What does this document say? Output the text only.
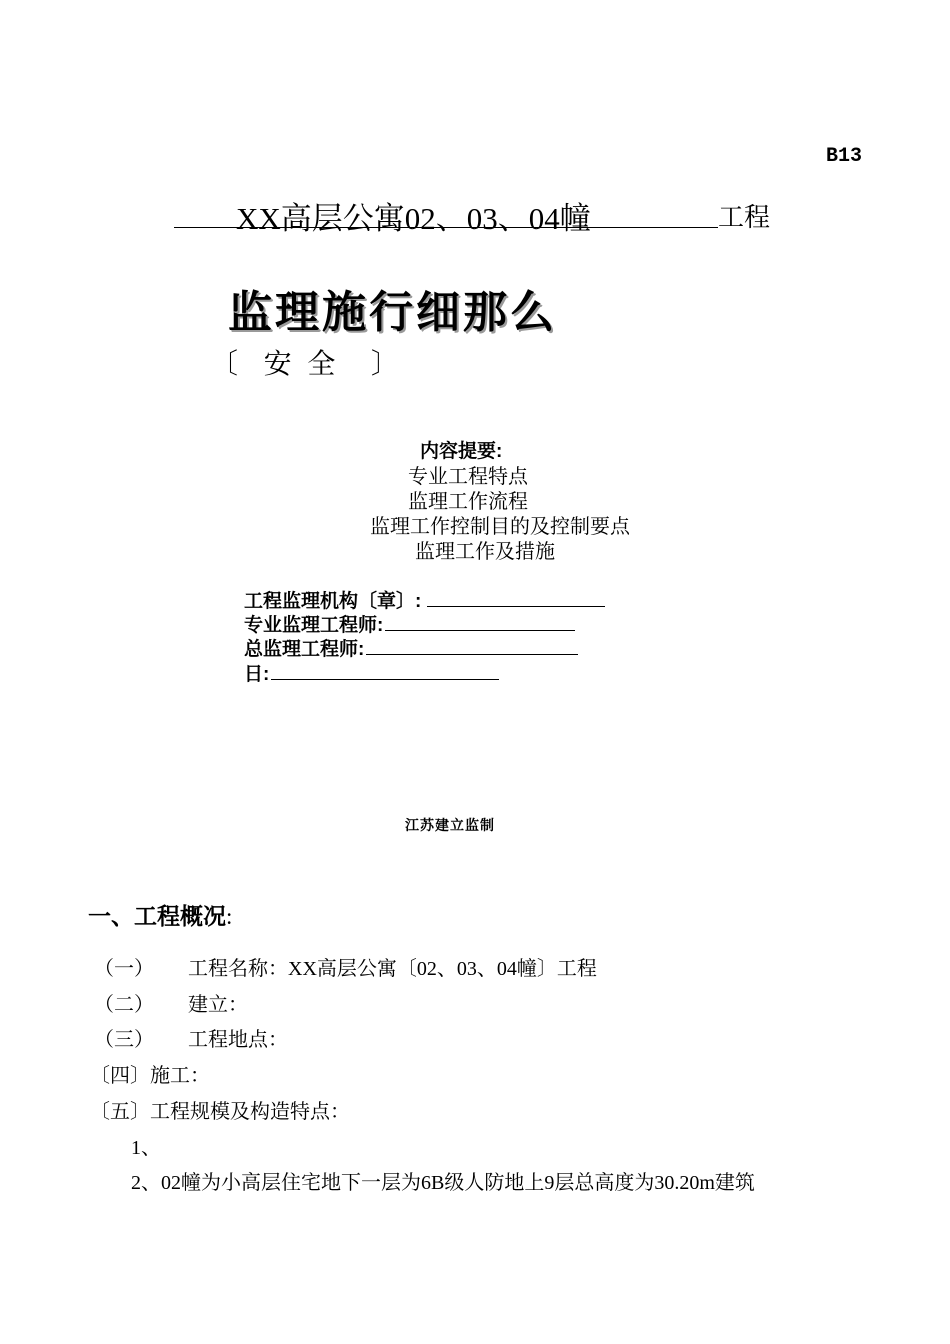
B13
XX高层公寓02、03、04幢	工程
监理施行细那么
〔 安 全 〕
内容提要:
专业工程特点
监理工作流程
监理工作控制目的及控制要点
监理工作及措施
工程监理机构〔章〕:
专业监理工程师:
总监理工程师:
日:
江苏建立监制
一、工程概况:
（一） 工程名称：XX高层公寓〔02、03、04幢〕工程
（二） 建立：
（三） 工程地点：
〔四〕施工：
〔五〕工程规模及构造特点：
1、
2、02幢为小高层住宅地下一层为6B级人防地上9层总高度为30.20m建筑
